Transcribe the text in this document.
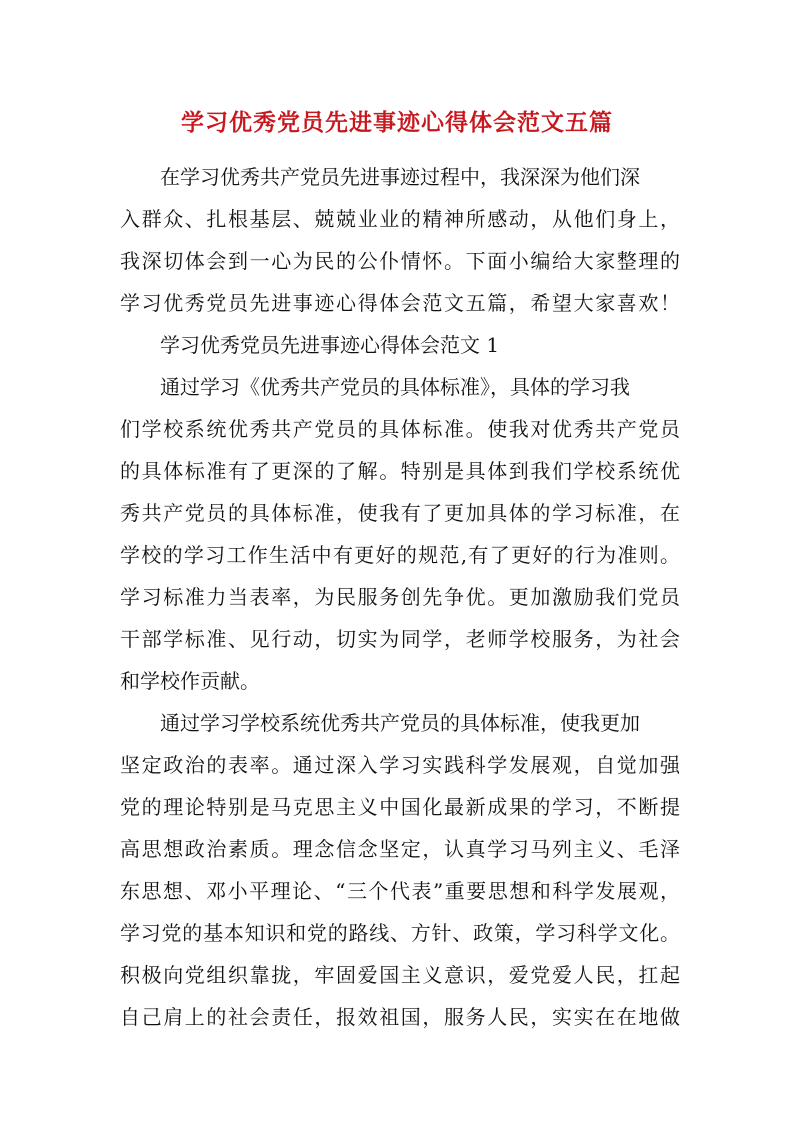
学习优秀党员先进事迹心得体会范文五篇
在学习优秀共产党员先进事迹过程中，我深深为他们深
入群众、扎根基层、兢兢业业的精神所感动，从他们身上，
我深切体会到一心为民的公仆情怀。下面小编给大家整理的
学习优秀党员先进事迹心得体会范文五篇，希望大家喜欢！
学习优秀党员先进事迹心得体会范文 1
通过学习《优秀共产党员的具体标准》，具体的学习我
们学校系统优秀共产党员的具体标准。使我对优秀共产党员
的具体标准有了更深的了解。特别是具体到我们学校系统优
秀共产党员的具体标准，使我有了更加具体的学习标准，在
学校的学习工作生活中有更好的规范,有了更好的行为准则。
学习标准力当表率，为民服务创先争优。更加激励我们党员
干部学标准、见行动，切实为同学，老师学校服务，为社会
和学校作贡献。
通过学习学校系统优秀共产党员的具体标准，使我更加
坚定政治的表率。通过深入学习实践科学发展观，自觉加强
党的理论特别是马克思主义中国化最新成果的学习，不断提
高思想政治素质。理念信念坚定，认真学习马列主义、毛泽
东思想、邓小平理论、“三个代表”重要思想和科学发展观，
学习党的基本知识和党的路线、方针、政策，学习科学文化。
积极向党组织靠拢，牢固爱国主义意识，爱党爱人民，扛起
自己肩上的社会责任，报效祖国，服务人民，实实在在地做
